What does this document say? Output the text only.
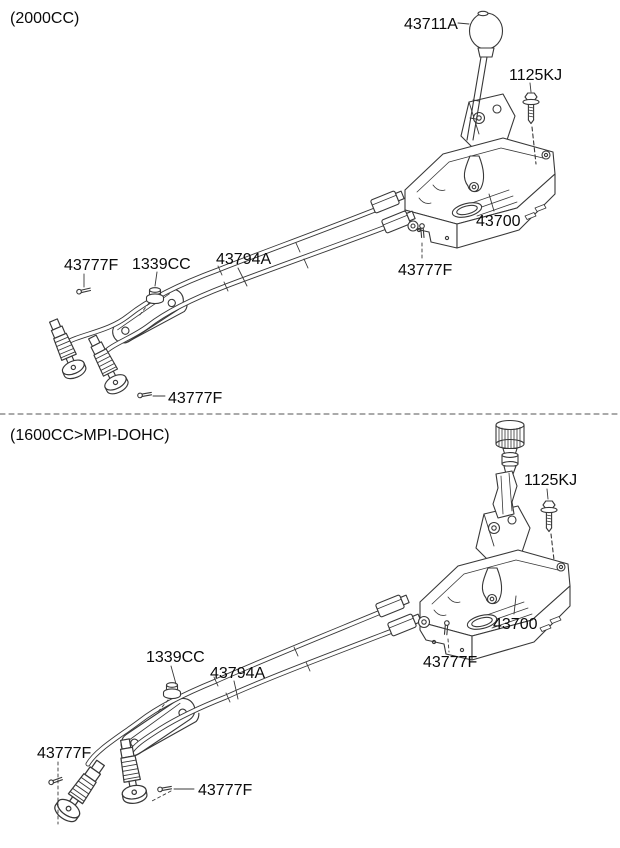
(2000CC)	43711A
1125KJ
43700
43777F 1339CC 43794A
43777F
43777F
(1600CC>MPI-DOHC)
1125KJ
43700
43777F
1339CC
43794A
43777F
43777F
